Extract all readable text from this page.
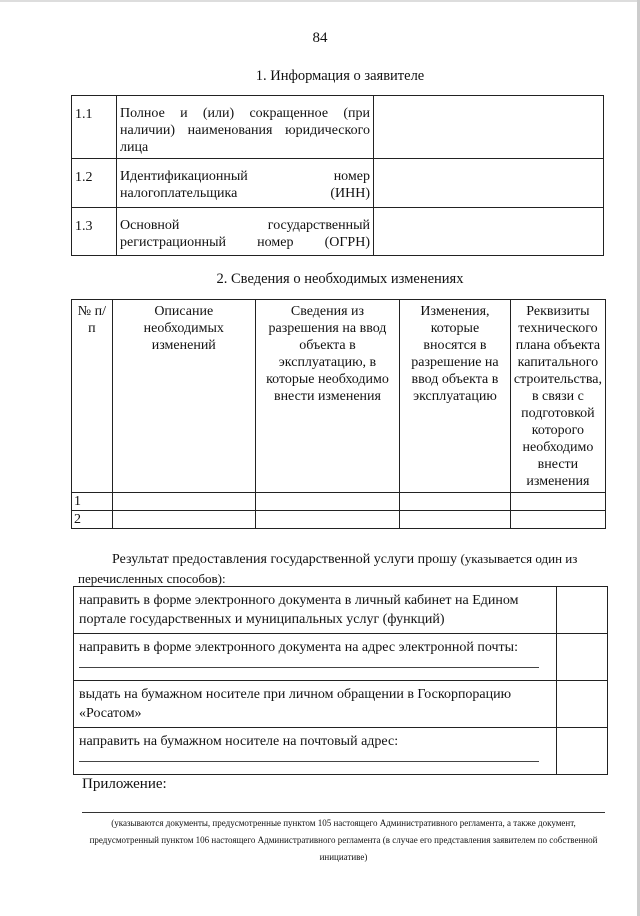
84
1. Информация о заявителе
1.1	Полное и (или) сокращенное (при наличии) наименования юридического лица	
1.2	Идентификационный номер налогоплательщика (ИНН)	
1.3	Основной государственный регистрационный номер (ОГРН)	
2. Сведения о необходимых изменениях
№ п/п	Описание необходимых изменений	Сведения из разрешения на ввод объекта в эксплуатацию, в которые необходимо внести изменения	Изменения, которые вносятся в разрешение на ввод объекта в эксплуатацию	Реквизиты технического плана объекта капитального строительства, в связи с подготовкой которого необходимо внести изменения
1				
2				
Результат предоставления государственной услуги прошу (указывается один из перечисленных способов):
направить в форме электронного документа в личный кабинет на Едином портале государственных и муниципальных услуг (функций)	

направить в форме электронного документа на адрес электронной почты:	

выдать на бумажном носителе при личном обращении в Госкорпорацию «Росатом»	

направить на бумажном носителе на почтовый адрес:	

Приложение:
(указываются документы, предусмотренные пунктом 105 настоящего Административного регламента, а также документ, предусмотренный пунктом 106 настоящего Административного регламента (в случае его представления заявителем по собственной инициативе)
